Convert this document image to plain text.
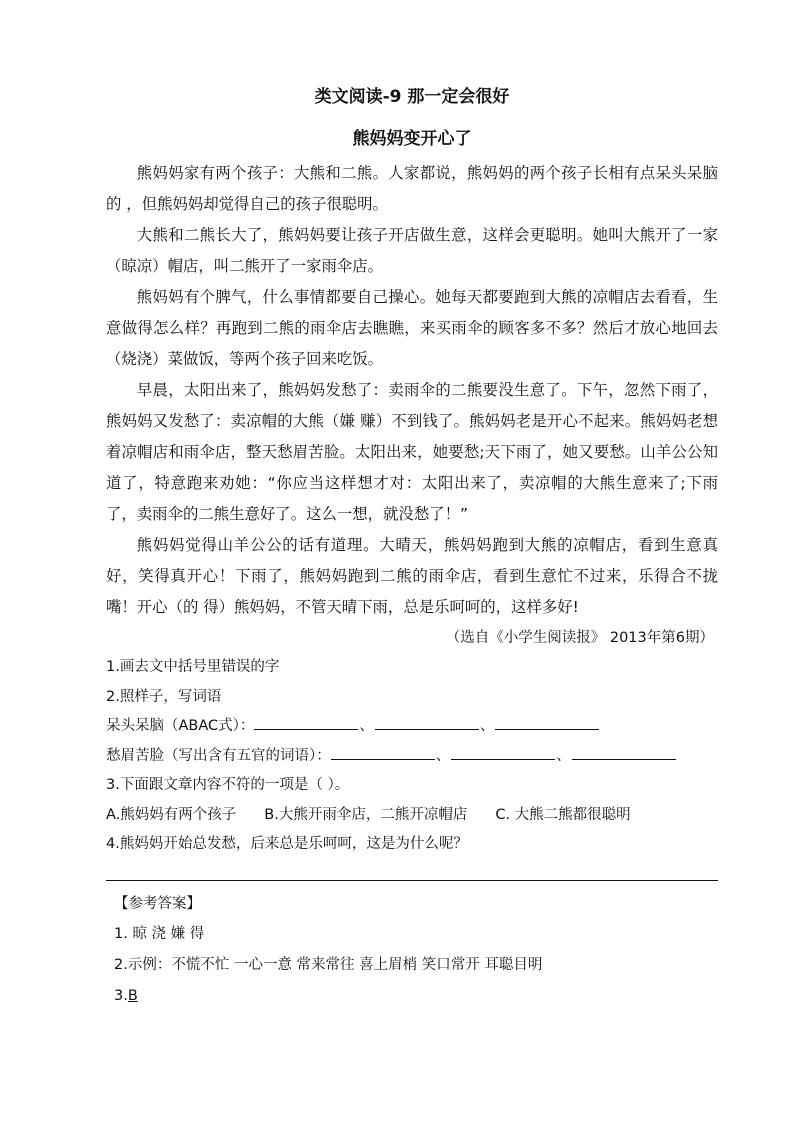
类文阅读-9 那一定会很好
熊妈妈变开心了

熊妈妈家有两个孩子：大熊和二熊。人家都说，熊妈妈的两个孩子长相有点呆头呆脑的 ，但熊妈妈却觉得自己的孩子很聪明。

大熊和二熊长大了，熊妈妈要让孩子开店做生意，这样会更聪明。她叫大熊开了一家（晾凉）帽店，叫二熊开了一家雨伞店。

熊妈妈有个脾气，什么事情都要自己操心。她每天都要跑到大熊的凉帽店去看看，生意做得怎么样？再跑到二熊的雨伞店去瞧瞧，来买雨伞的顾客多不多？然后才放心地回去（烧浇）菜做饭，等两个孩子回来吃饭。

早晨，太阳出来了，熊妈妈发愁了：卖雨伞的二熊要没生意了。下午，忽然下雨了，熊妈妈又发愁了：卖凉帽的大熊（嫌 赚）不到钱了。熊妈妈老是开心不起来。熊妈妈老想着凉帽店和雨伞店，整天愁眉苦脸。太阳出来，她要愁;天下雨了，她又要愁。山羊公公知道了，特意跑来劝她：“你应当这样想才对：太阳出来了，卖凉帽的大熊生意来了;下雨了，卖雨伞的二熊生意好了。这么一想，就没愁了！”

熊妈妈觉得山羊公公的话有道理。大晴天，熊妈妈跑到大熊的凉帽店，看到生意真好，笑得真开心！下雨了，熊妈妈跑到二熊的雨伞店，看到生意忙不过来，乐得合不拢嘴！开心（的 得）熊妈妈，不管天晴下雨，总是乐呵呵的，这样多好!

（选自《小学生阅读报》 2013年第6期）

1.画去文中括号里错误的字

2.照样子，写词语

呆头呆脑（ABAC式）：	、	、

愁眉苦脸（写出含有五官的词语）：	、	、

3.下面跟文章内容不符的一项是（ ）。

A.熊妈妈有两个孩子 B.大熊开雨伞店，二熊开凉帽店 C. 大熊二熊都很聪明

4.熊妈妈开始总发愁，后来总是乐呵呵，这是为什么呢？

【参考答案】

1. 晾 浇 嫌 得

2.示例：不慌不忙 一心一意 常来常往 喜上眉梢 笑口常开 耳聪目明

3.B
